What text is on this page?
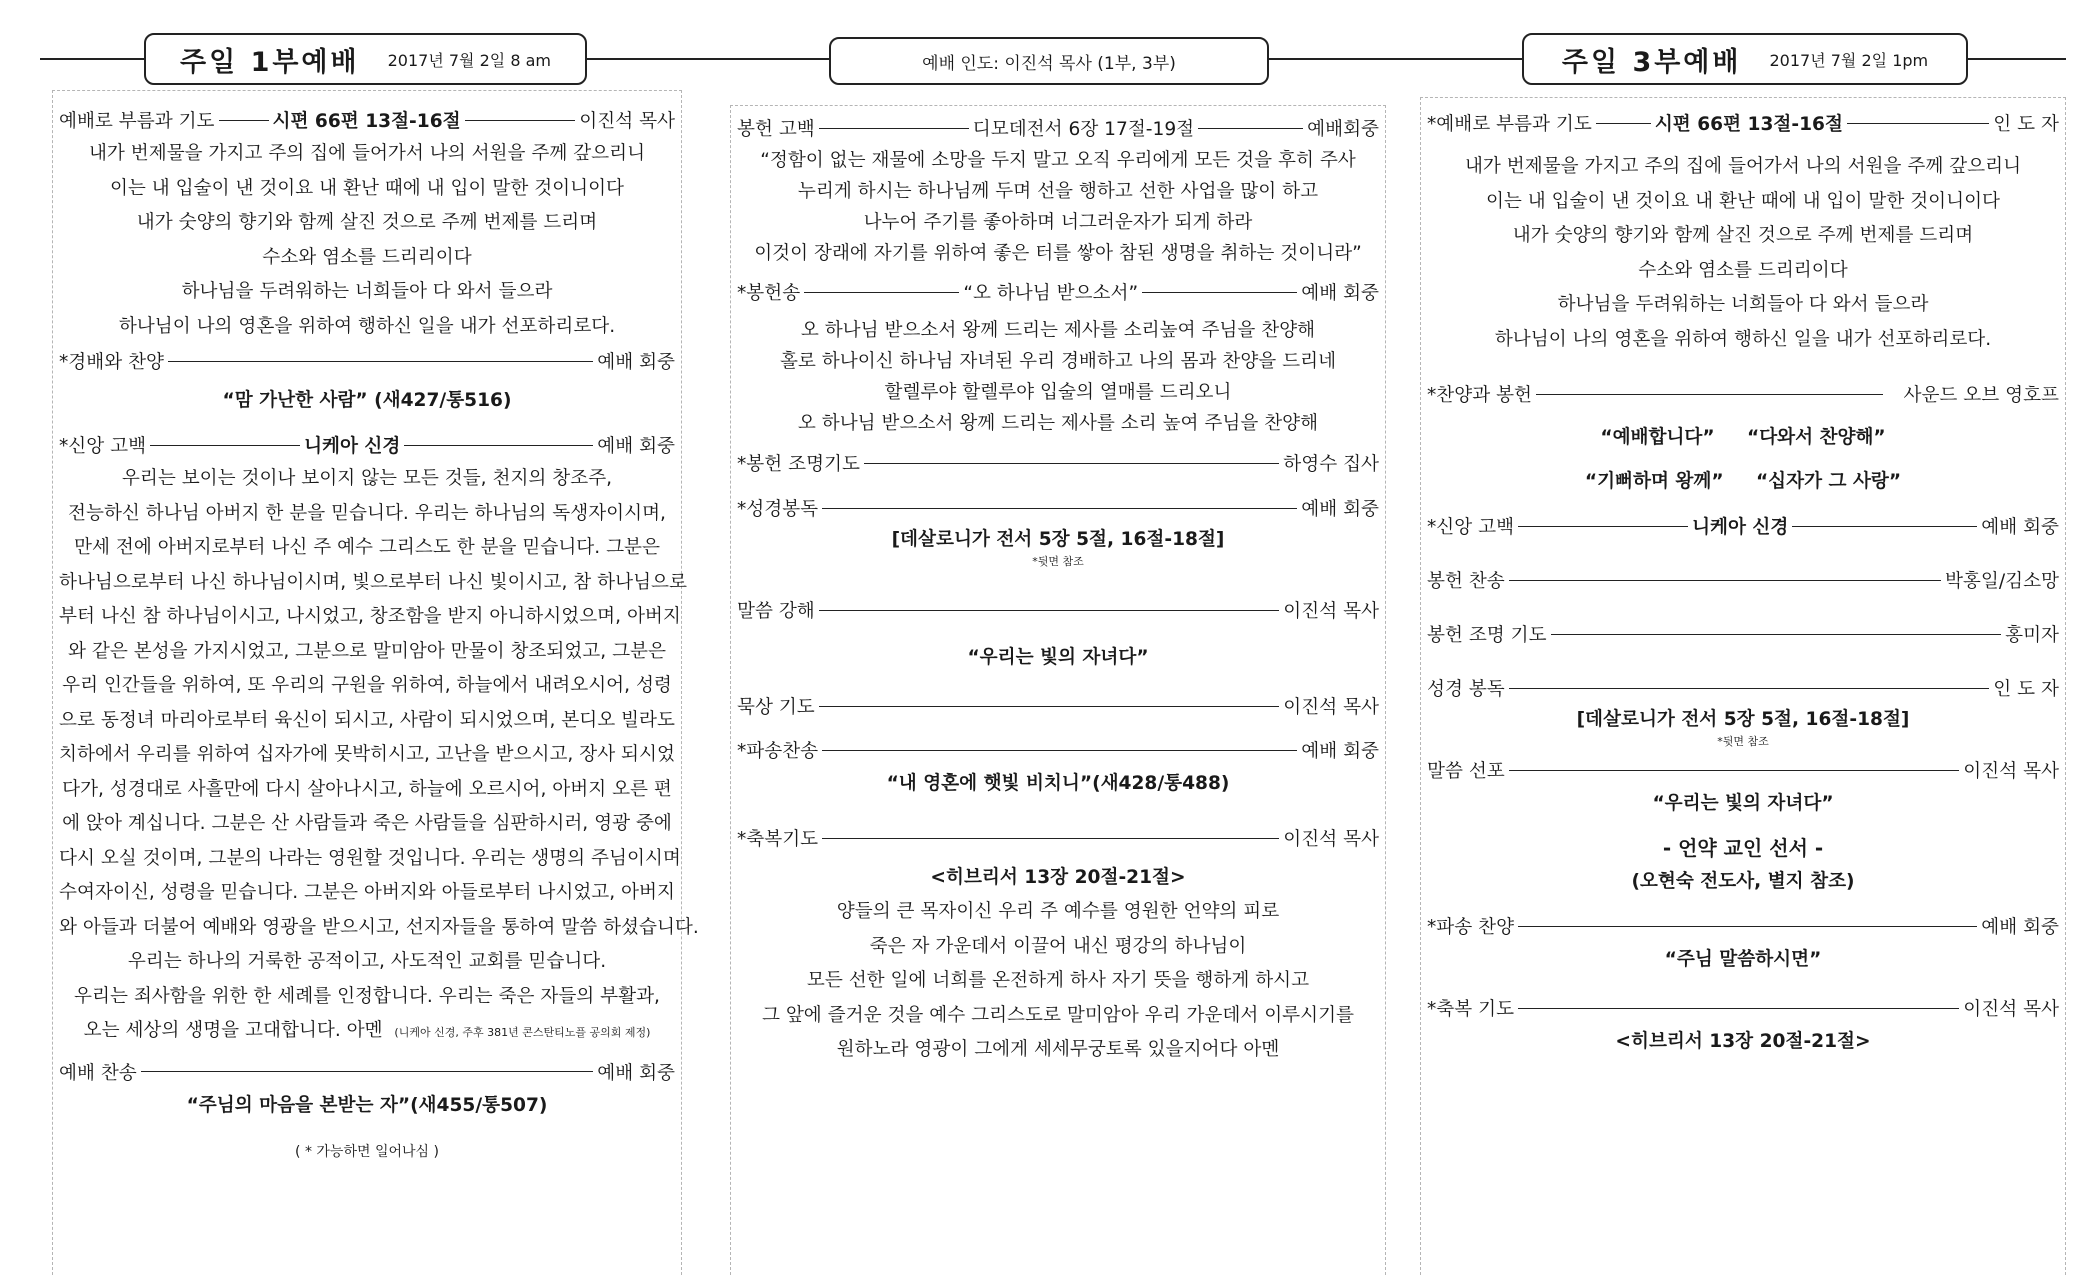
주일 1부예배 2017년 7월 2일 8 am	예배 인도: 이진석 목사 (1부, 3부)	주일 3부예배 2017년 7월 2일 1pm
예배로 부름과 기도	시편 66편 13절-16절	이진석 목사
내가 번제물을 가지고 주의 집에 들어가서 나의 서원을 주께 갚으리니
이는 내 입술이 낸 것이요 내 환난 때에 내 입이 말한 것이니이다
내가 숫양의 향기와 함께 살진 것으로 주께 번제를 드리며
수소와 염소를 드리리이다
하나님을 두려워하는 너희들아 다 와서 들으라
하나님이 나의 영혼을 위하여 행하신 일을 내가 선포하리로다.
*경배와 찬양	예배 회중
“맘 가난한 사람” (새427/통516)
*신앙 고백	니케아 신경	예배 회중
우리는 보이는 것이나 보이지 않는 모든 것들, 천지의 창조주,
전능하신 하나님 아버지 한 분을 믿습니다. 우리는 하나님의 독생자이시며,
만세 전에 아버지로부터 나신 주 예수 그리스도 한 분을 믿습니다. 그분은
하나님으로부터 나신 하나님이시며, 빛으로부터 나신 빛이시고, 참 하나님으로
부터 나신 참 하나님이시고, 나시었고, 창조함을 받지 아니하시었으며, 아버지
와 같은 본성을 가지시었고, 그분으로 말미암아 만물이 창조되었고, 그분은
우리 인간들을 위하여, 또 우리의 구원을 위하여, 하늘에서 내려오시어, 성령
으로 동정녀 마리아로부터 육신이 되시고, 사람이 되시었으며, 본디오 빌라도
치하에서 우리를 위하여 십자가에 못박히시고, 고난을 받으시고, 장사 되시었
다가, 성경대로 사흘만에 다시 살아나시고, 하늘에 오르시어, 아버지 오른 편
에 앉아 계십니다. 그분은 산 사람들과 죽은 사람들을 심판하시러, 영광 중에
다시 오실 것이며, 그분의 나라는 영원할 것입니다. 우리는 생명의 주님이시며
수여자이신, 성령을 믿습니다. 그분은 아버지와 아들로부터 나시었고, 아버지
와 아들과 더불어 예배와 영광을 받으시고, 선지자들을 통하여 말씀 하셨습니다.
우리는 하나의 거룩한 공적이고, 사도적인 교회를 믿습니다.
우리는 죄사함을 위한 한 세례를 인정합니다. 우리는 죽은 자들의 부활과,
오는 세상의 생명을 고대합니다. 아멘 (니케아 신경, 주후 381년 콘스탄티노플 공의회 제정)
예배 찬송	예배 회중
“주님의 마음을 본받는 자”(새455/통507)
( * 가능하면 일어나심 )
봉헌 고백	디모데전서 6장 17절-19절	예배회중
“정함이 없는 재물에 소망을 두지 말고 오직 우리에게 모든 것을 후히 주사
누리게 하시는 하나님께 두며 선을 행하고 선한 사업을 많이 하고
나누어 주기를 좋아하며 너그러운자가 되게 하라
이것이 장래에 자기를 위하여 좋은 터를 쌓아 참된 생명을 취하는 것이니라”
*봉헌송	“오 하나님 받으소서”	예배 회중
오 하나님 받으소서 왕께 드리는 제사를 소리높여 주님을 찬양해
홀로 하나이신 하나님 자녀된 우리 경배하고 나의 몸과 찬양을 드리네
할렐루야 할렐루야 입술의 열매를 드리오니
오 하나님 받으소서 왕께 드리는 제사를 소리 높여 주님을 찬양해
*봉헌 조명기도	하영수 집사
*성경봉독	예배 회중
[데살로니가 전서 5장 5절, 16절-18절]
*뒷면 참조
말씀 강해	이진석 목사
“우리는 빛의 자녀다”
묵상 기도	이진석 목사
*파송찬송	예배 회중
“내 영혼에 햇빛 비치니”(새428/통488)
*축복기도	이진석 목사
<히브리서 13장 20절-21절>
양들의 큰 목자이신 우리 주 예수를 영원한 언약의 피로
죽은 자 가운데서 이끌어 내신 평강의 하나님이
모든 선한 일에 너희를 온전하게 하사 자기 뜻을 행하게 하시고
그 앞에 즐거운 것을 예수 그리스도로 말미암아 우리 가운데서 이루시기를
원하노라 영광이 그에게 세세무궁토록 있을지어다 아멘
*예배로 부름과 기도	시편 66편 13절-16절	인 도 자
내가 번제물을 가지고 주의 집에 들어가서 나의 서원을 주께 갚으리니
이는 내 입술이 낸 것이요 내 환난 때에 내 입이 말한 것이니이다
내가 숫양의 향기와 함께 살진 것으로 주께 번제를 드리며
수소와 염소를 드리리이다
하나님을 두려워하는 너희들아 다 와서 들으라
하나님이 나의 영혼을 위하여 행하신 일을 내가 선포하리로다.
*찬양과 봉헌	사운드 오브 영호프
“예배합니다” “다와서 찬양해”
“기뻐하며 왕께” “십자가 그 사랑”
*신앙 고백	니케아 신경	예배 회중
봉헌 찬송	박홍일/김소망
봉헌 조명 기도	홍미자
성경 봉독	인 도 자
[데살로니가 전서 5장 5절, 16절-18절]
*뒷면 참조
말씀 선포	이진석 목사
“우리는 빛의 자녀다”
- 언약 교인 선서 -
(오현숙 전도사, 별지 참조)
*파송 찬양	예배 회중
“주님 말씀하시면”
*축복 기도	이진석 목사
<히브리서 13장 20절-21절>
